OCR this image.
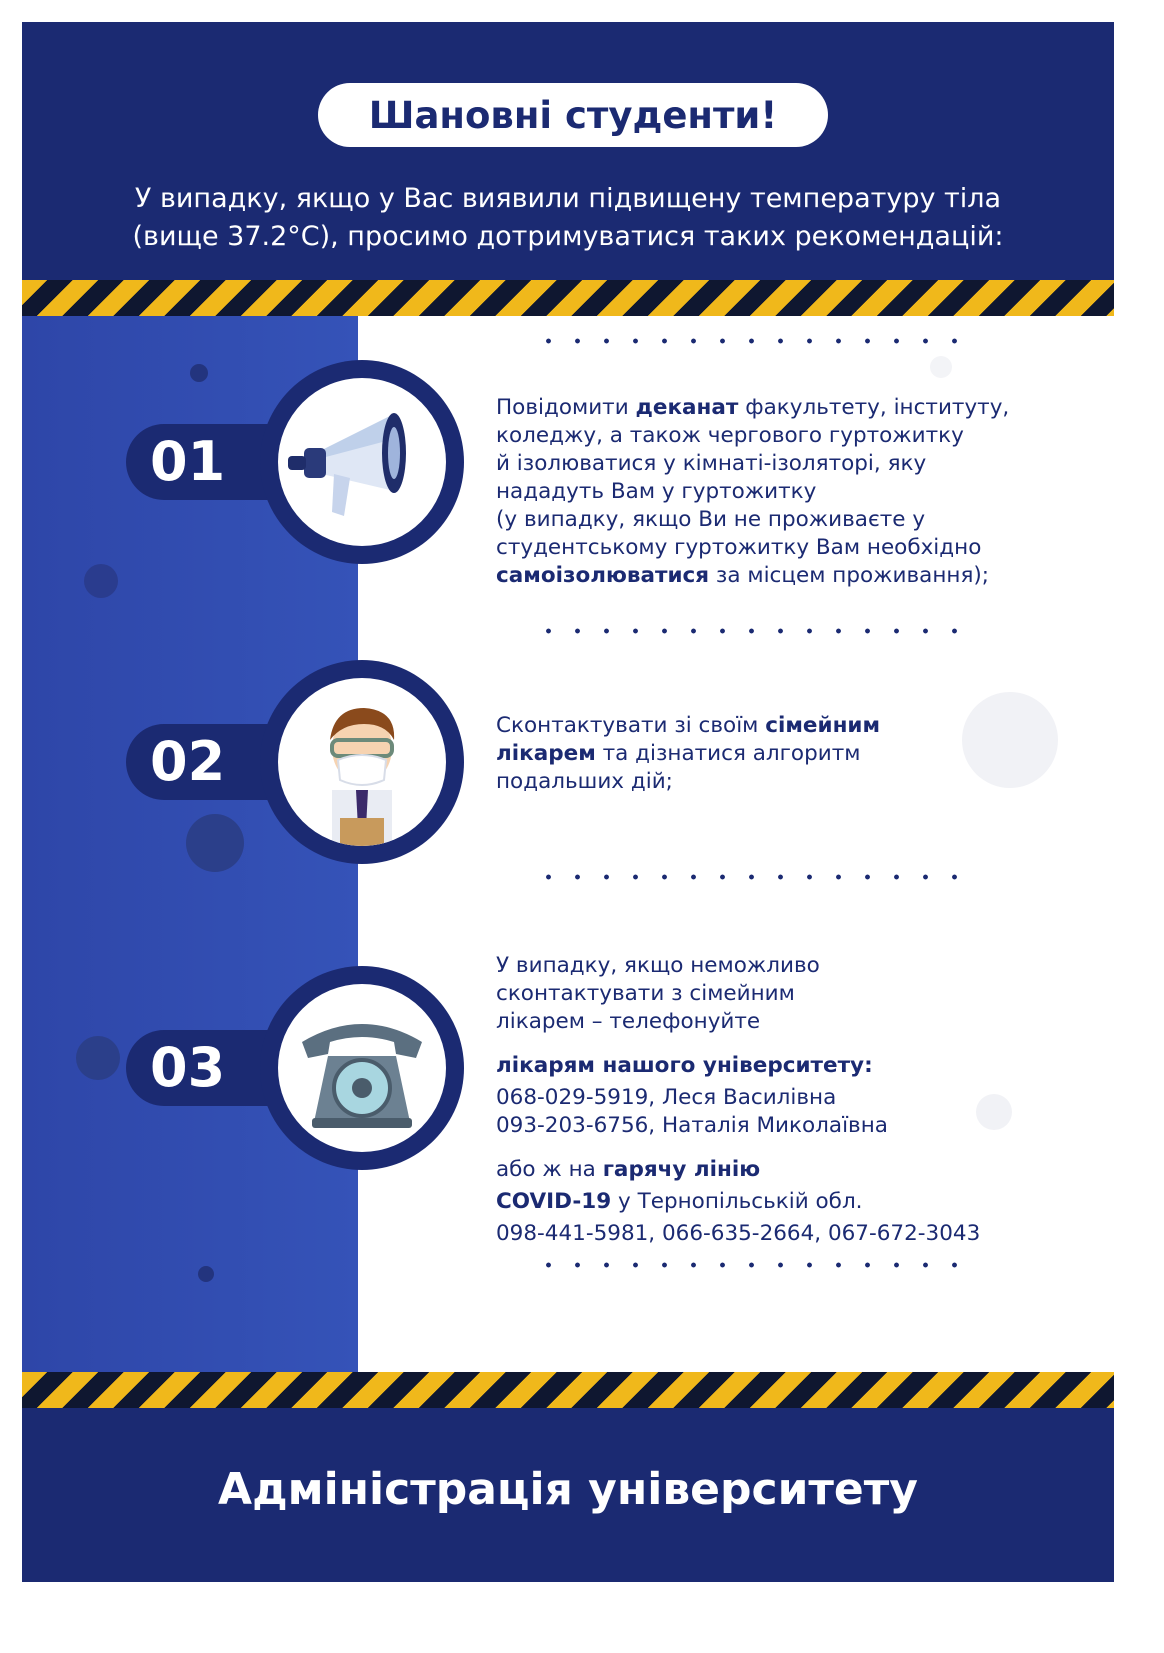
Шановні студенти!
У випадку, якщо у Вас виявили підвищену температуру тіла
(вище 37.2°С), просимо дотримуватися таких рекомендацій:
01
Повідомити деканат факультету, інституту,
коледжу, а також чергового гуртожитку
й ізолюватися у кімнаті-ізоляторі, яку
нададуть Вам у гуртожитку
(у випадку, якщо Ви не проживаєте у
студентському гуртожитку Вам необхідно
самоізолюватися за місцем проживання);
02
Сконтактувати зі своїм сімейним
лікарем та дізнатися алгоритм
подальших дій;
03
У випадку, якщо неможливо
сконтактувати з сімейним
лікарем – телефонуйте
лікарям нашого університету:
068-029-5919, Леся Василівна
093-203-6756, Наталія Миколаївна
або ж на гарячу лінію
COVID-19 у Тернопільській обл.
098-441-5981, 066-635-2664, 067-672-3043
Адміністрація університету
